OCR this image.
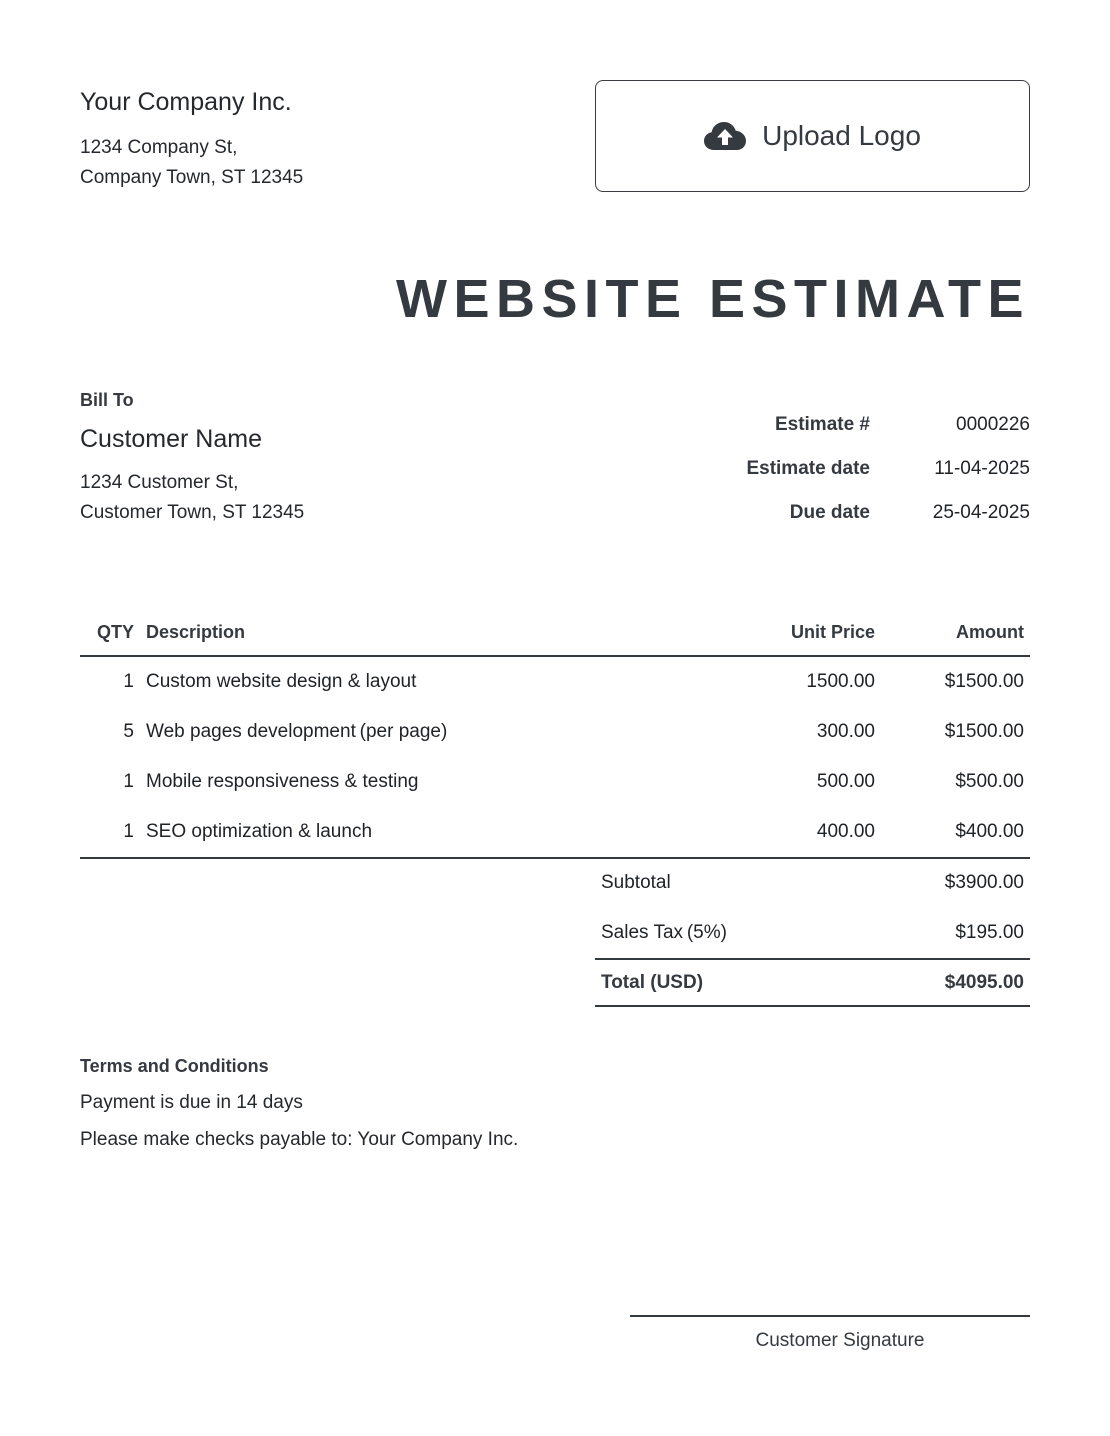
Your Company Inc.
1234 Company St,
Company Town, ST 12345
Upload Logo
WEBSITE ESTIMATE
Bill To
Customer Name
1234 Customer St,
Customer Town, ST 12345
Estimate #	0000226
Estimate date	11-04-2025
Due date	25-04-2025
QTY Description	Unit Price	Amount
1 Custom website design & layout	1500.00	$1500.00
5 Web pages development (per page)	300.00	$1500.00
1 Mobile responsiveness & testing	500.00	$500.00
1 SEO optimization & launch	400.00	$400.00
Subtotal	$3900.00
Sales Tax (5%)	$195.00
Total (USD)	$4095.00
Terms and Conditions
Payment is due in 14 days
Please make checks payable to: Your Company Inc.
Customer Signature
